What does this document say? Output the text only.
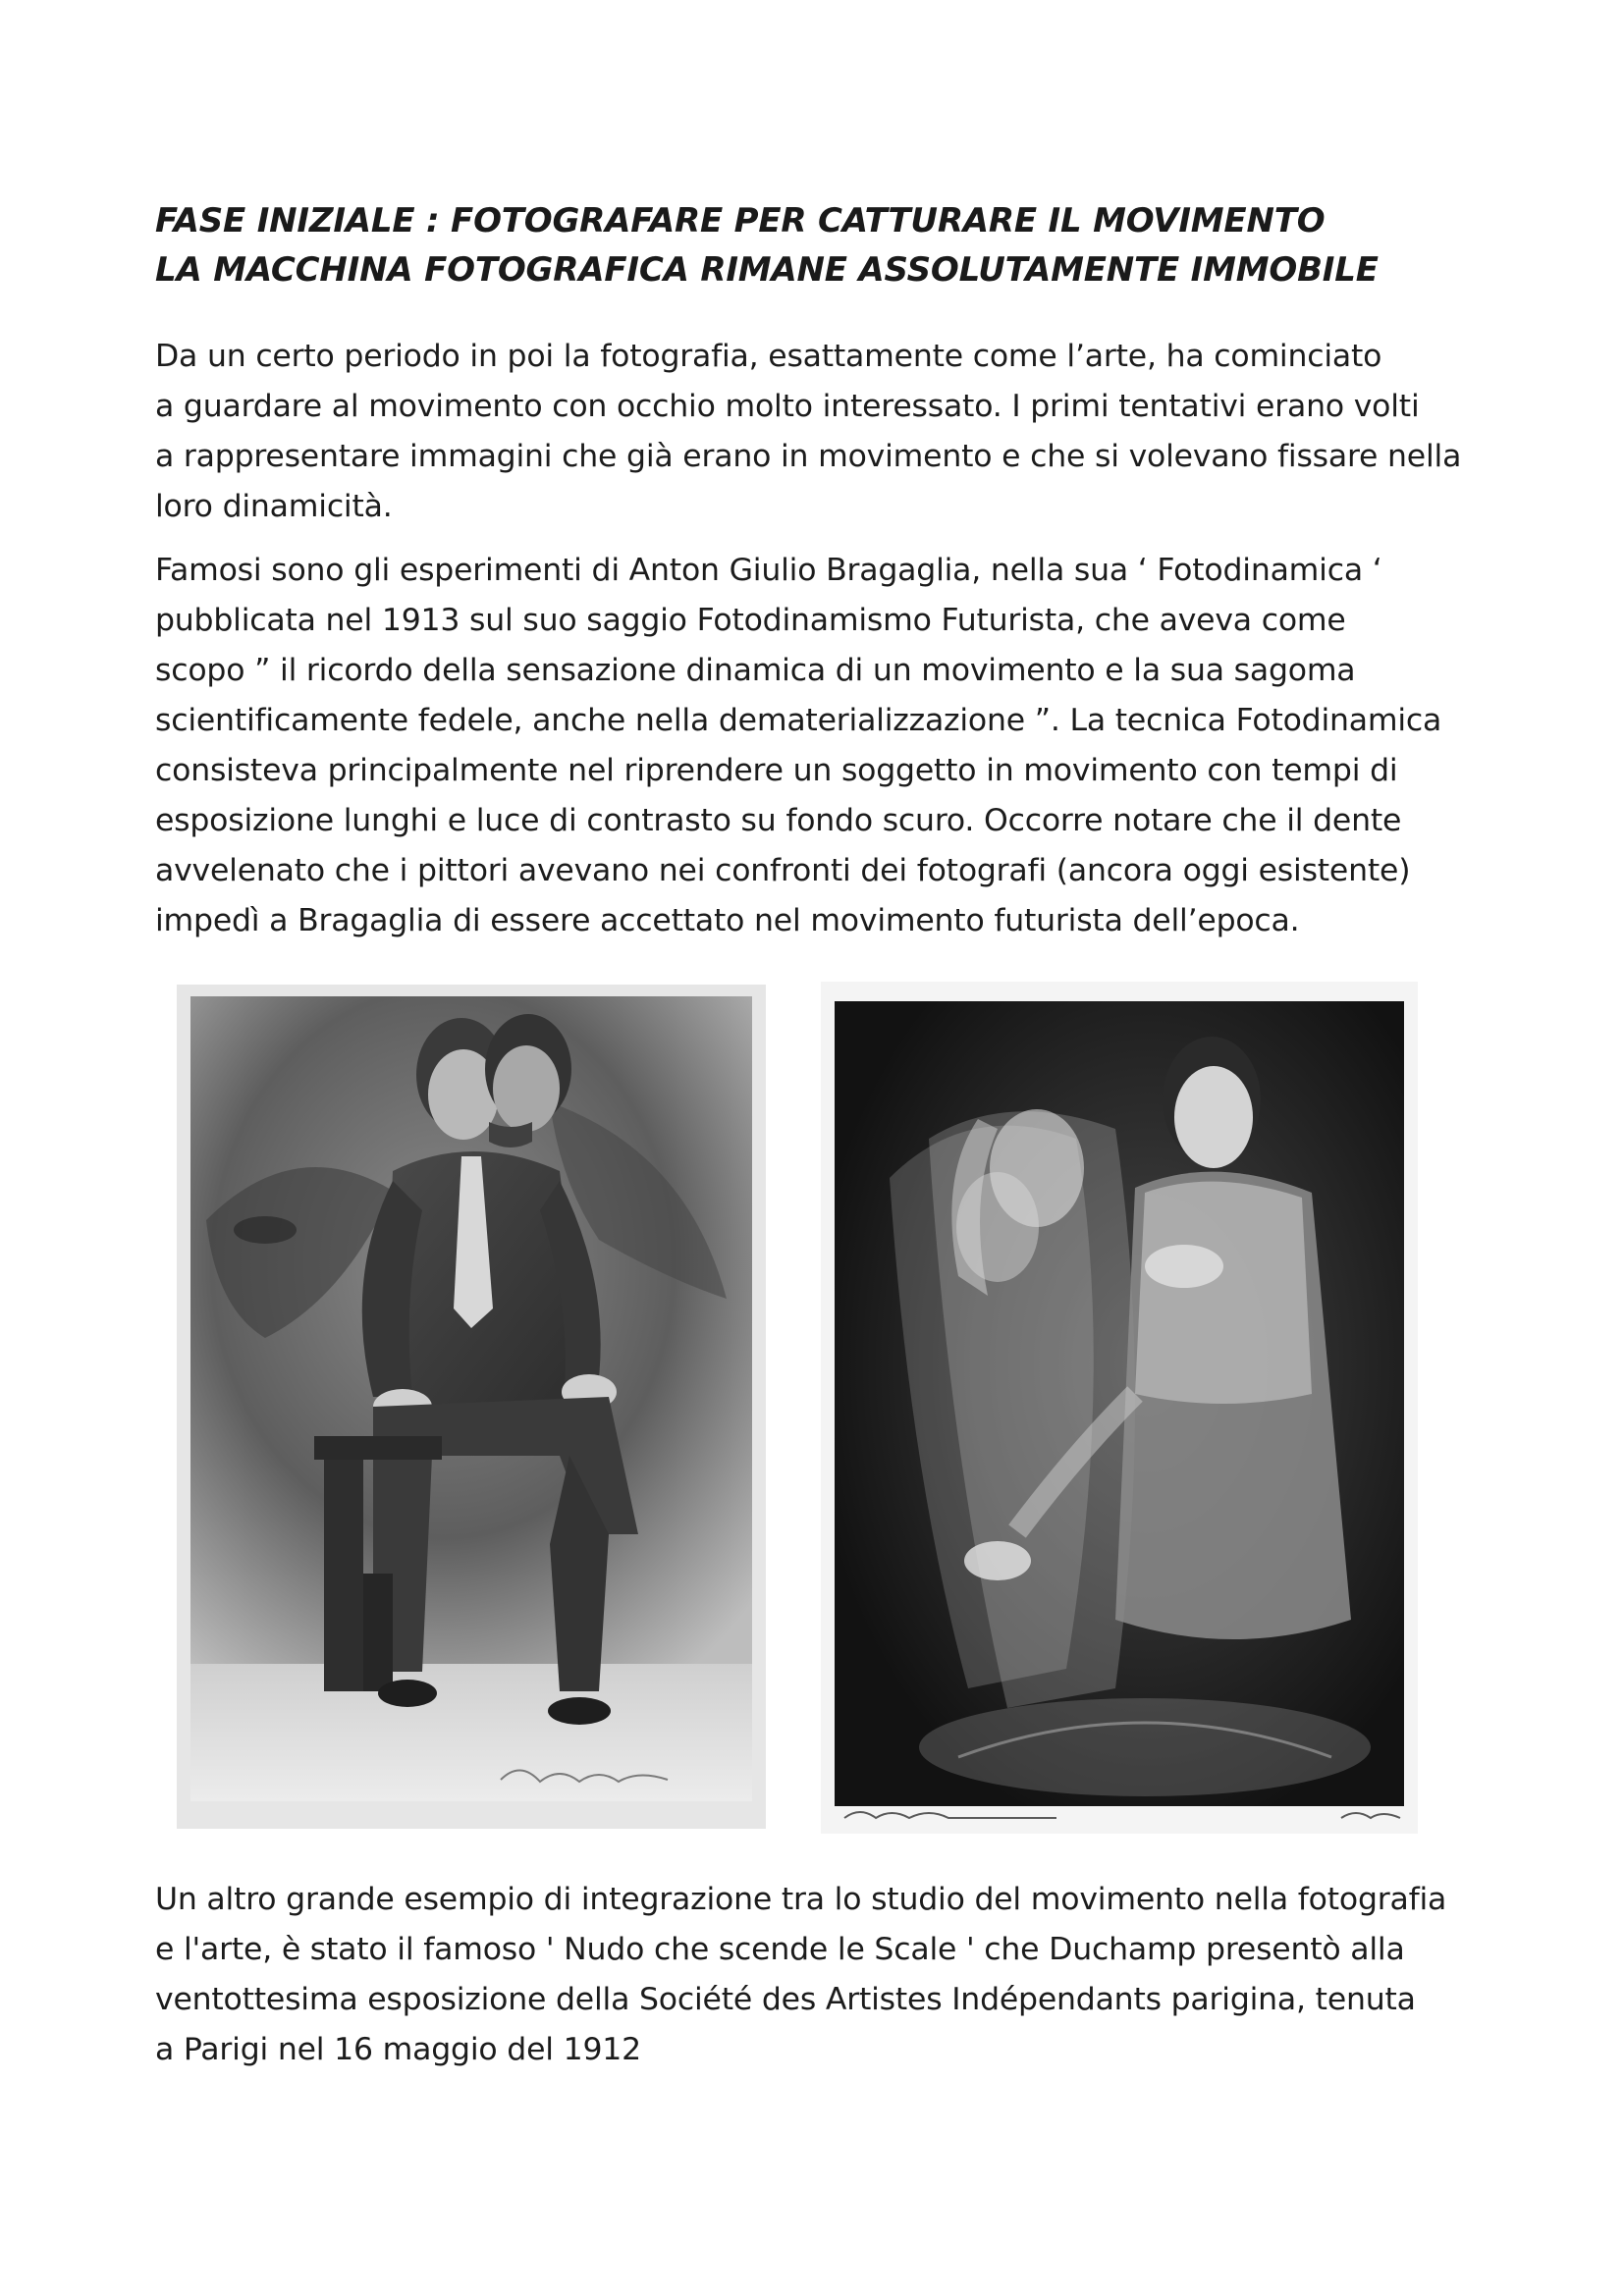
FASE INIZIALE : FOTOGRAFARE PER CATTURARE IL MOVIMENTO
LA MACCHINA FOTOGRAFICA RIMANE ASSOLUTAMENTE IMMOBILE

Da un certo periodo in poi la fotografia, esattamente come l’arte, ha cominciato
a guardare al movimento con occhio molto interessato. I primi tentativi erano volti
a rappresentare immagini che già erano in movimento e che si volevano fissare nella
loro dinamicità.

Famosi sono gli esperimenti di Anton Giulio Bragaglia, nella sua ‘ Fotodinamica ‘
pubblicata nel 1913 sul suo saggio Fotodinamismo Futurista, che aveva come
scopo ” il ricordo della sensazione dinamica di un movimento e la sua sagoma
scientificamente fedele, anche nella dematerializzazione ”. La tecnica Fotodinamica
consisteva principalmente nel riprendere un soggetto in movimento con tempi di
esposizione lunghi e luce di contrasto su fondo scuro. Occorre notare che il dente
avvelenato che i pittori avevano nei confronti dei fotografi (ancora oggi esistente)
impedì a Bragaglia di essere accettato nel movimento futurista dell’epoca.

Un altro grande esempio di integrazione tra lo studio del movimento nella fotografia
e l'arte, è stato il famoso ' Nudo che scende le Scale ' che Duchamp presentò alla
ventottesima esposizione della Société des Artistes Indépendants parigina, tenuta
a Parigi nel 16 maggio del 1912
